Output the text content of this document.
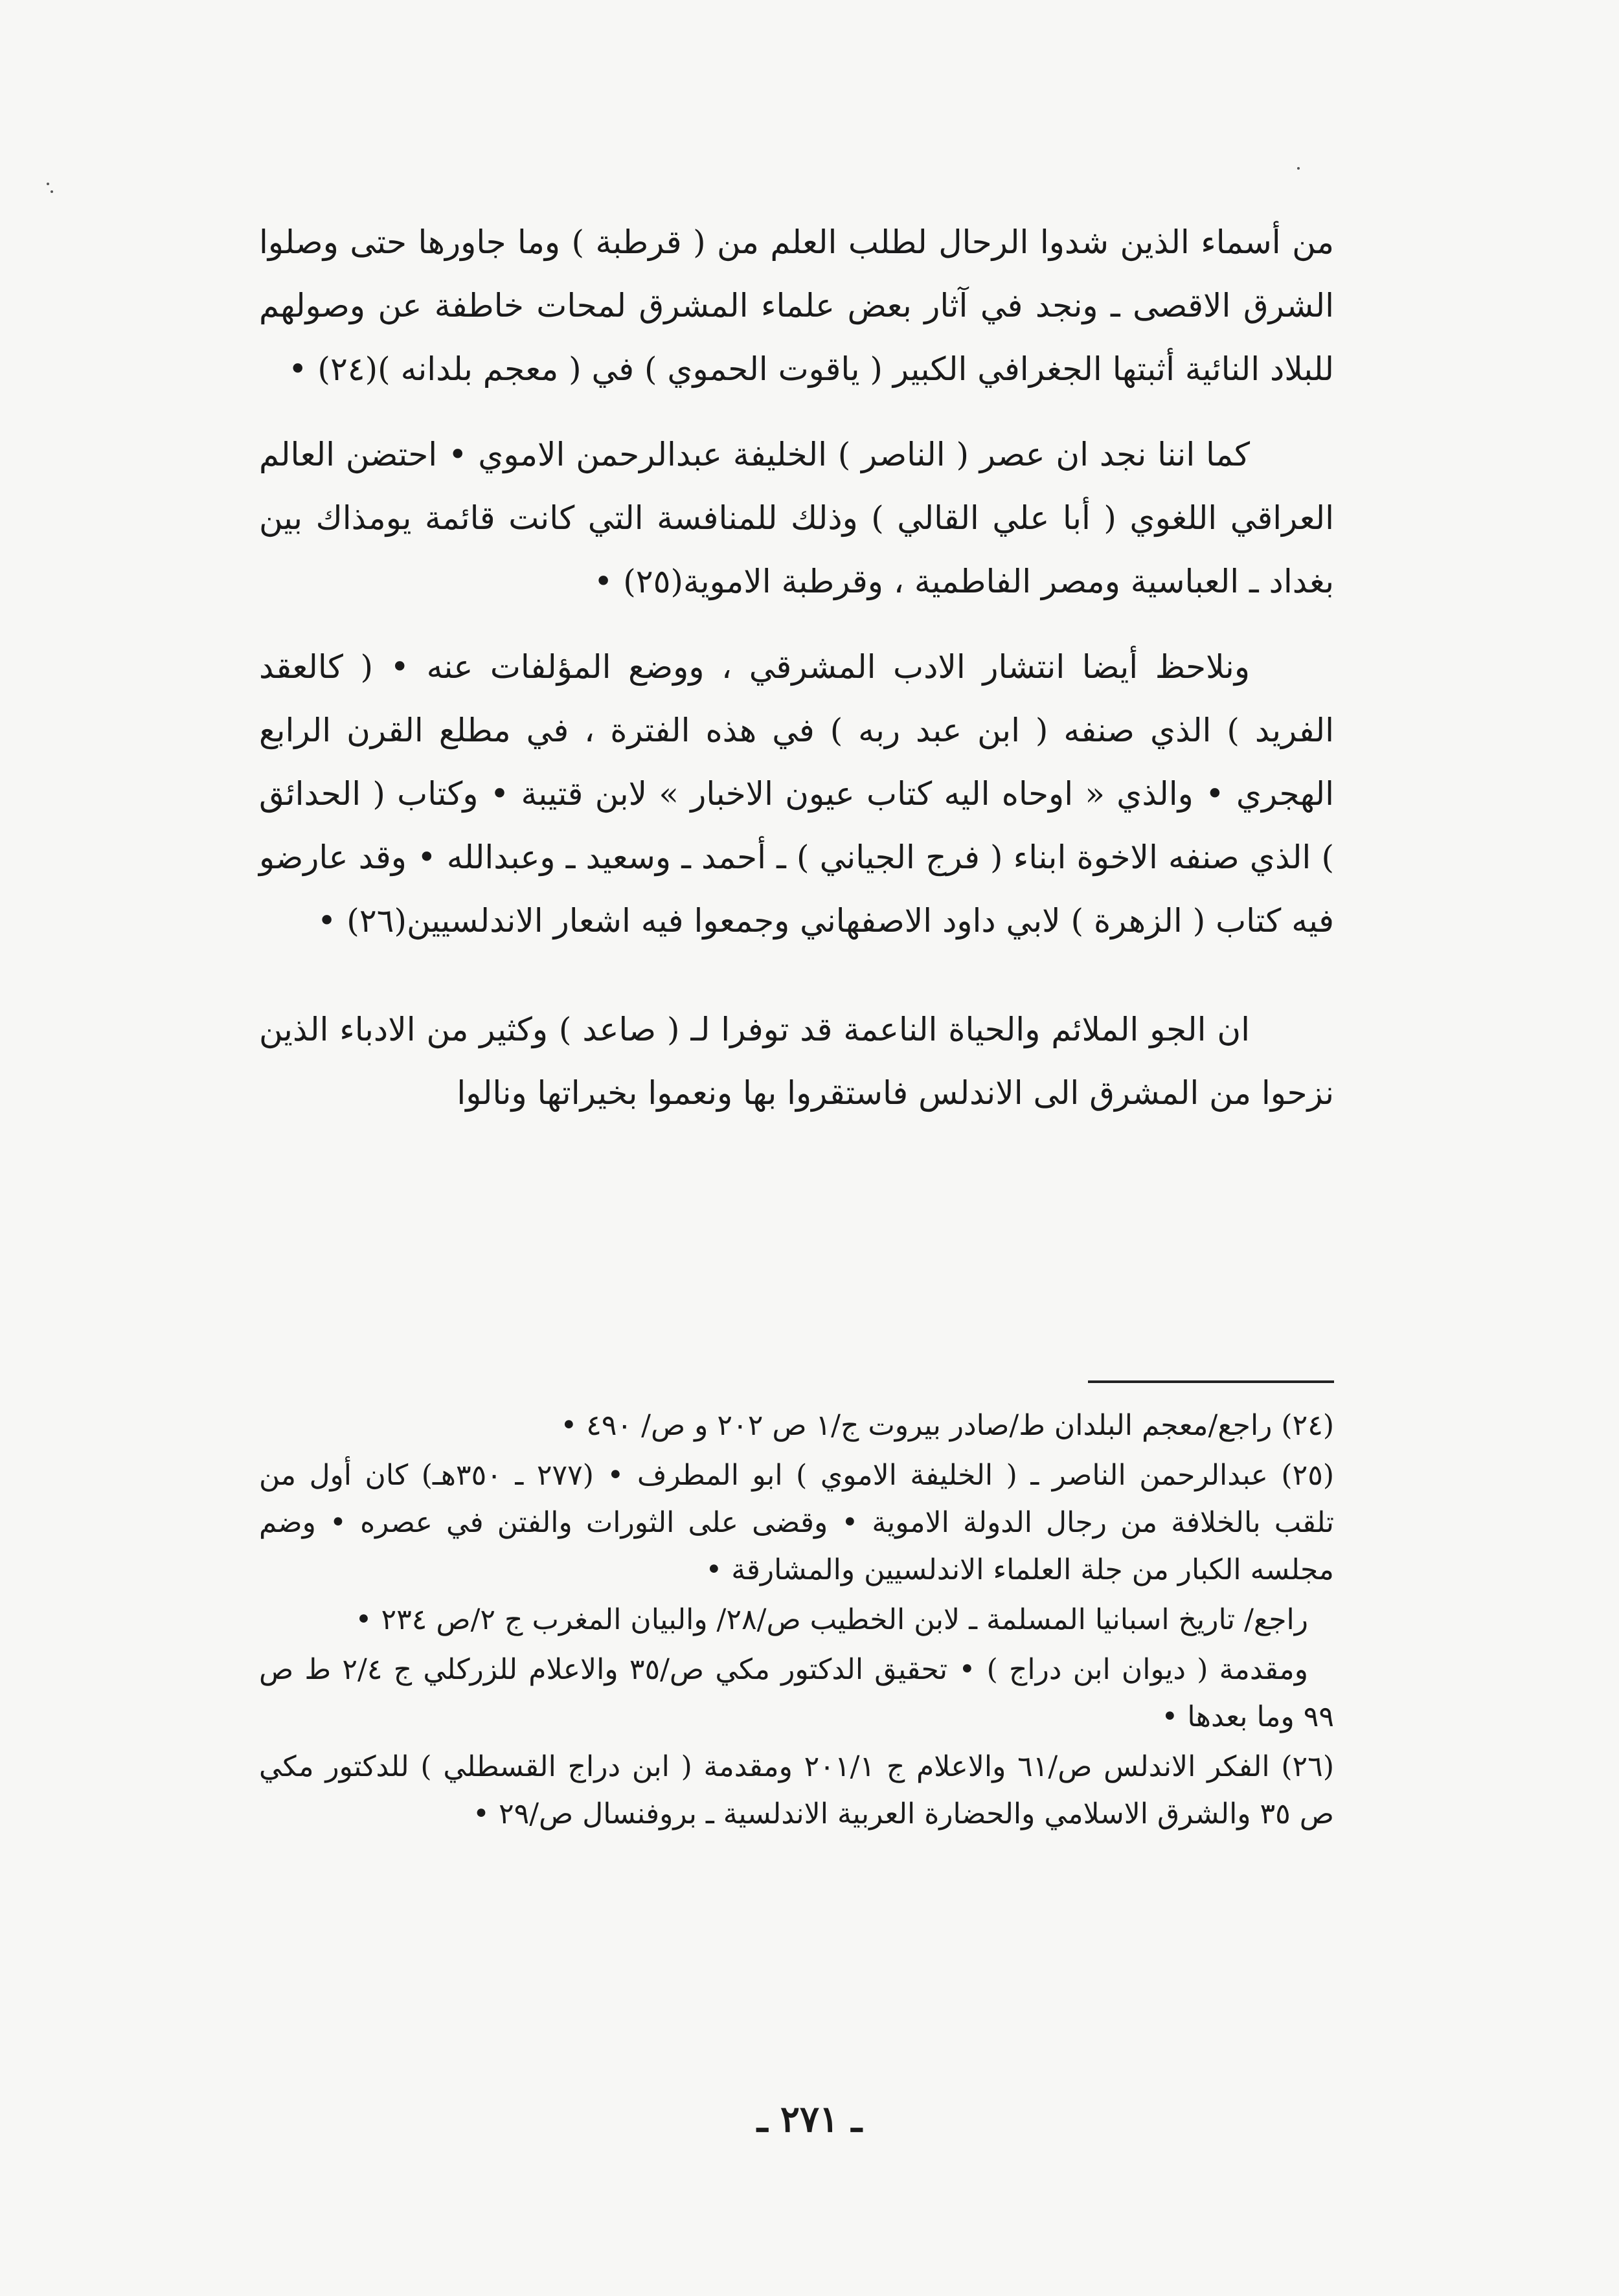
من أسماء الذين شدوا الرحال لطلب العلم من ( قرطبة ) وما جاورها حتى وصلوا الشرق الاقصى ـ ونجد في آثار بعض علماء المشرق لمحات خاطفة عن وصولهم للبلاد النائية أثبتها الجغرافي الكبير ( ياقوت الحموي ) في ( معجم بلدانه )(٢٤) •

كما اننا نجد ان عصر ( الناصر ) الخليفة عبدالرحمن الاموي • احتضن العالم العراقي اللغوي ( أبا علي القالي ) وذلك للمنافسة التي كانت قائمة يومذاك بين بغداد ـ العباسية ومصر الفاطمية ، وقرطبة الاموية(٢٥) •

ونلاحظ أيضا انتشار الادب المشرقي ، ووضع المؤلفات عنه • ( كالعقد الفريد ) الذي صنفه ( ابن عبد ربه ) في هذه الفترة ، في مطلع القرن الرابع الهجري • والذي « اوحاه اليه كتاب عيون الاخبار » لابن قتيبة • وكتاب ( الحدائق ) الذي صنفه الاخوة ابناء ( فرج الجياني ) ـ أحمد ـ وسعيد ـ وعبدالله • وقد عارضو فيه كتاب ( الزهرة ) لابي داود الاصفهاني وجمعوا فيه اشعار الاندلسيين(٢٦) •

ان الجو الملائم والحياة الناعمة قد توفرا لـ ( صاعد ) وكثير من الادباء الذين نزحوا من المشرق الى الاندلس فاستقروا بها ونعموا بخيراتها ونالوا

(٢٤) راجع/معجم البلدان ط/صادر بيروت ج/١ ص ٢٠٢ و ص/ ٤٩٠ •

(٢٥) عبدالرحمن الناصر ـ ( الخليفة الاموي ) ابو المطرف • (٢٧٧ ـ ٣٥٠هـ) كان أول من تلقب بالخلافة من رجال الدولة الاموية • وقضى على الثورات والفتن في عصره • وضم مجلسه الكبار من جلة العلماء الاندلسيين والمشارقة •

راجع/ تاريخ اسبانيا المسلمة ـ لابن الخطيب ص/٢٨/ والبيان المغرب ج ٢/ص ٢٣٤ •

ومقدمة ( ديوان ابن دراج ) • تحقيق الدكتور مكي ص/٣٥ والاعلام للزركلي ج ٢/٤ ط ص ٩٩ وما بعدها •

(٢٦) الفكر الاندلس ص/٦١ والاعلام ج ٢٠١/١ ومقدمة ( ابن دراج القسطلي ) للدكتور مكي ص ٣٥ والشرق الاسلامي والحضارة العربية الاندلسية ـ بروفنسال ص/٢٩ •

ـ ٢٧١ ـ
